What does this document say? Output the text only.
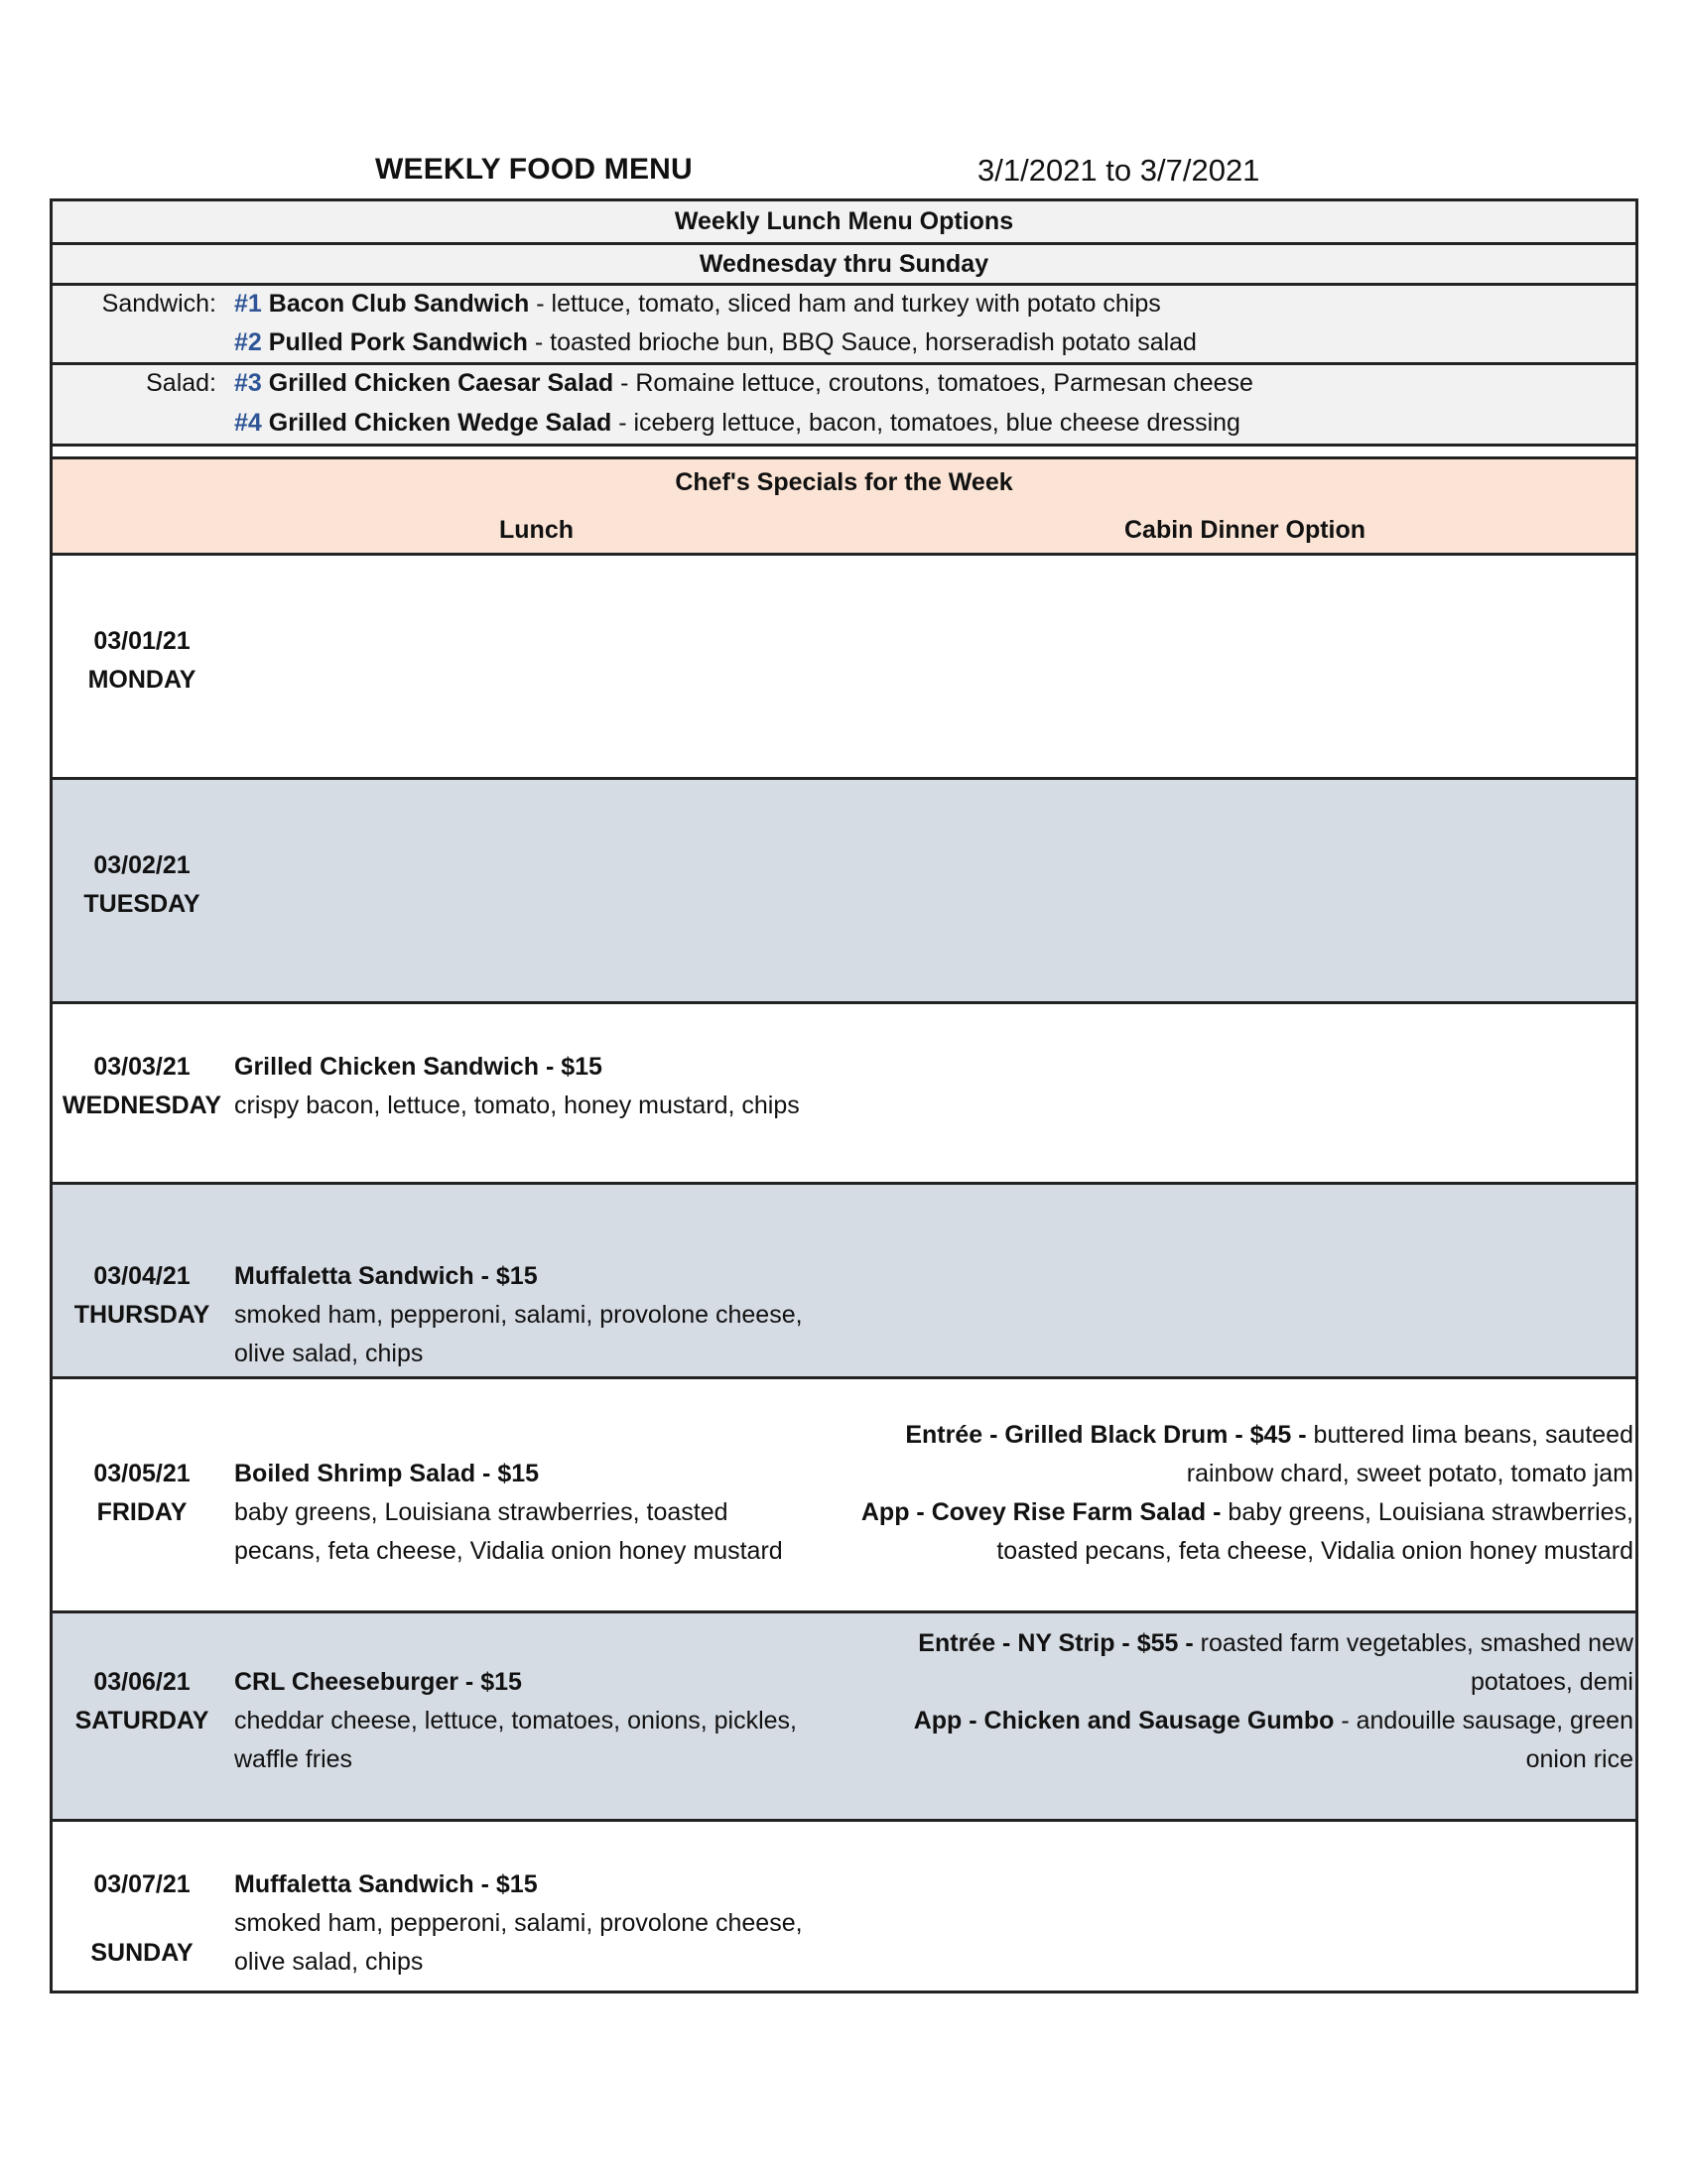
WEEKLY FOOD MENU	3/1/2021 to 3/7/2021
Weekly Lunch Menu Options
Wednesday thru Sunday
Sandwich: #1 Bacon Club Sandwich - lettuce, tomato, sliced ham and turkey with potato chips
#2 Pulled Pork Sandwich - toasted brioche bun, BBQ Sauce, horseradish potato salad
Salad: #3 Grilled Chicken Caesar Salad - Romaine lettuce, croutons, tomatoes, Parmesan cheese
#4 Grilled Chicken Wedge Salad - iceberg lettuce, bacon, tomatoes, blue cheese dressing
Chef's Specials for the Week
Lunch	Cabin Dinner Option
03/01/21
MONDAY
03/02/21
TUESDAY
03/03/21
WEDNESDAY
Grilled Chicken Sandwich - $15
crispy bacon, lettuce, tomato, honey mustard, chips
03/04/21
THURSDAY
Muffaletta Sandwich - $15
smoked ham, pepperoni, salami, provolone cheese,
olive salad, chips
03/05/21
FRIDAY
Boiled Shrimp Salad - $15
baby greens, Louisiana strawberries, toasted
pecans, feta cheese, Vidalia onion honey mustard
Entrée - Grilled Black Drum - $45 - buttered lima beans, sauteed
rainbow chard, sweet potato, tomato jam
App - Covey Rise Farm Salad - baby greens, Louisiana strawberries,
toasted pecans, feta cheese, Vidalia onion honey mustard
03/06/21
SATURDAY
CRL Cheeseburger - $15
cheddar cheese, lettuce, tomatoes, onions, pickles,
waffle fries
Entrée - NY Strip - $55 - roasted farm vegetables, smashed new
potatoes, demi
App - Chicken and Sausage Gumbo - andouille sausage, green
onion rice
03/07/21
SUNDAY
Muffaletta Sandwich - $15
smoked ham, pepperoni, salami, provolone cheese,
olive salad, chips
